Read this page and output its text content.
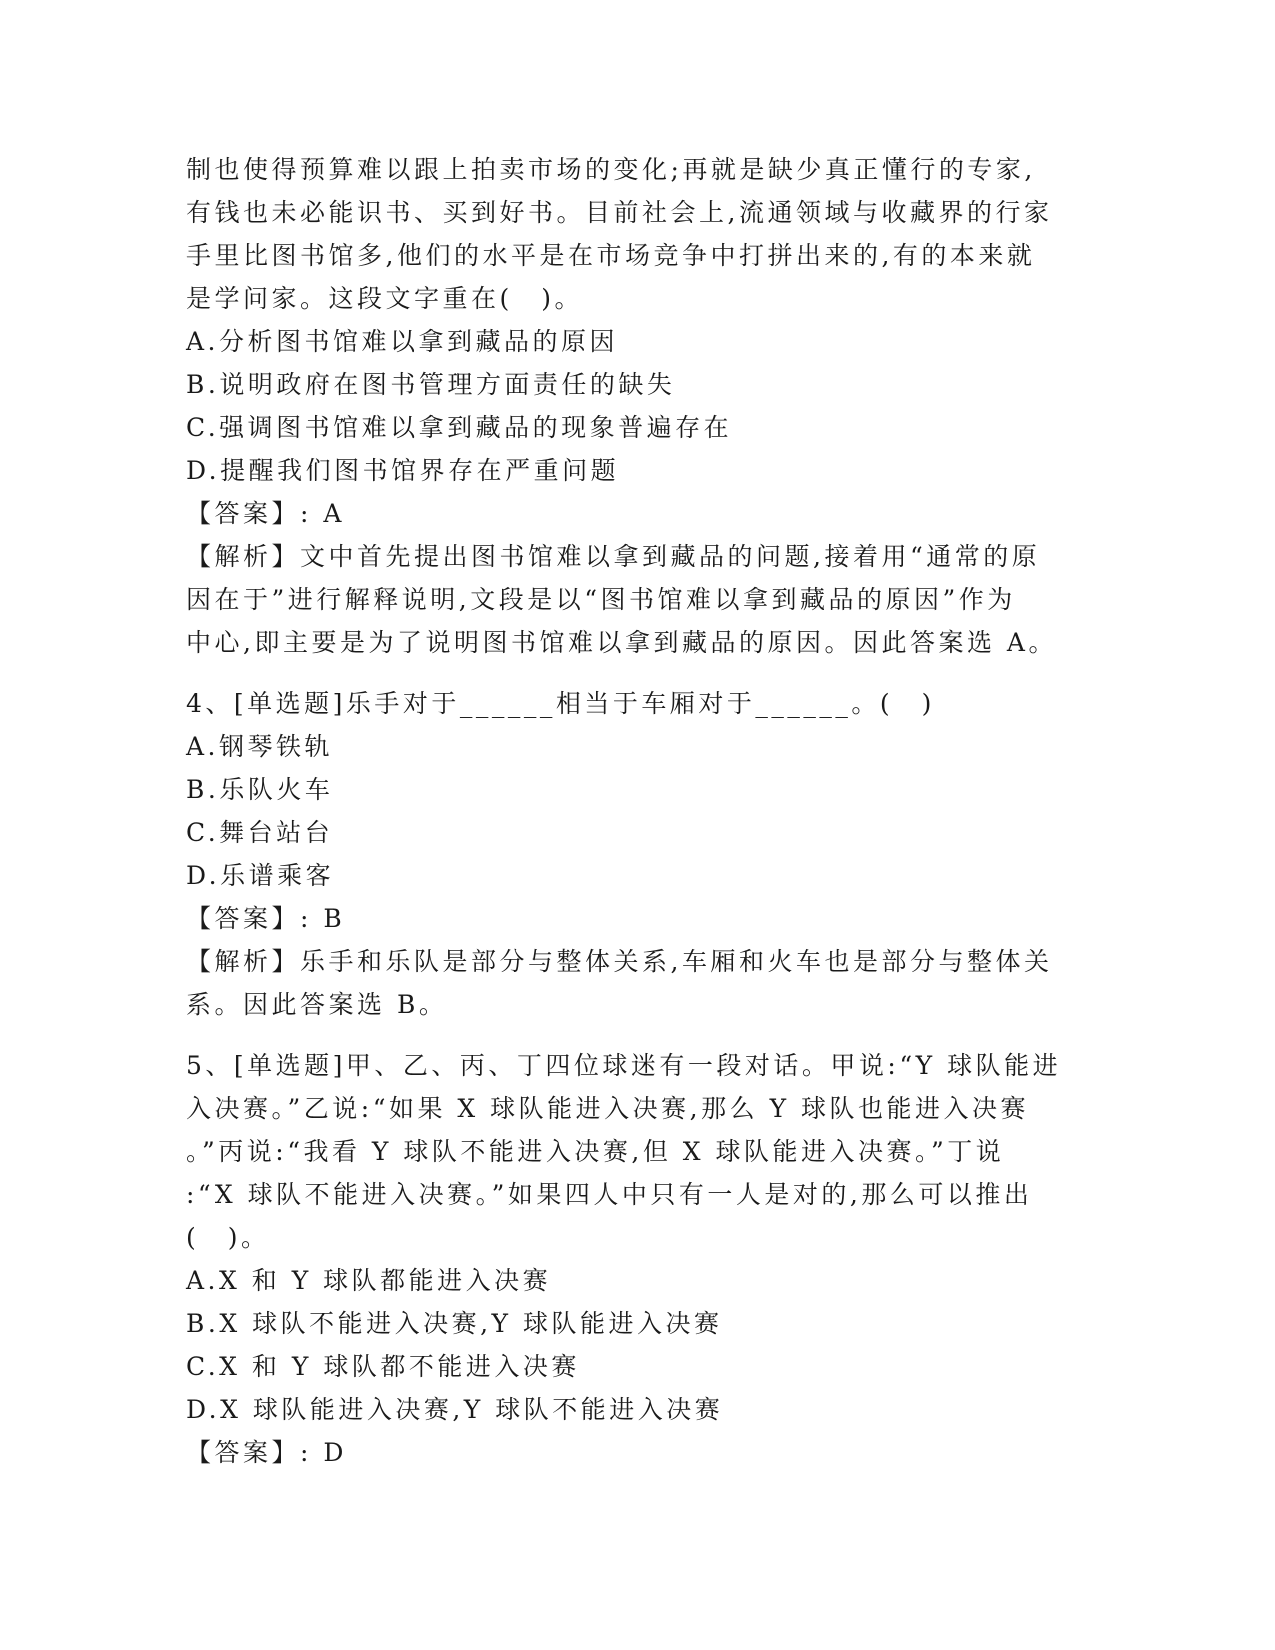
制也使得预算难以跟上拍卖市场的变化;再就是缺少真正懂行的专家,
有钱也未必能识书、买到好书。目前社会上,流通领域与收藏界的行家
手里比图书馆多,他们的水平是在市场竞争中打拼出来的,有的本来就
是学问家。这段文字重在(　)。
A.分析图书馆难以拿到藏品的原因
B.说明政府在图书管理方面责任的缺失
C.强调图书馆难以拿到藏品的现象普遍存在
D.提醒我们图书馆界存在严重问题
【答案】: A
【解析】文中首先提出图书馆难以拿到藏品的问题,接着用“通常的原
因在于”进行解释说明,文段是以“图书馆难以拿到藏品的原因”作为
中心,即主要是为了说明图书馆难以拿到藏品的原因。因此答案选 A。
4、[单选题]乐手对于______相当于车厢对于______。(　)
A.钢琴铁轨
B.乐队火车
C.舞台站台
D.乐谱乘客
【答案】: B
【解析】乐手和乐队是部分与整体关系,车厢和火车也是部分与整体关
系。因此答案选 B。
5、[单选题]甲、乙、丙、丁四位球迷有一段对话。甲说:“Y 球队能进
入决赛。”乙说:“如果 X 球队能进入决赛,那么 Y 球队也能进入决赛
。”丙说:“我看 Y 球队不能进入决赛,但 X 球队能进入决赛。”丁说
:“X 球队不能进入决赛。”如果四人中只有一人是对的,那么可以推出
(　)。
A.X 和 Y 球队都能进入决赛
B.X 球队不能进入决赛,Y 球队能进入决赛
C.X 和 Y 球队都不能进入决赛
D.X 球队能进入决赛,Y 球队不能进入决赛
【答案】: D
